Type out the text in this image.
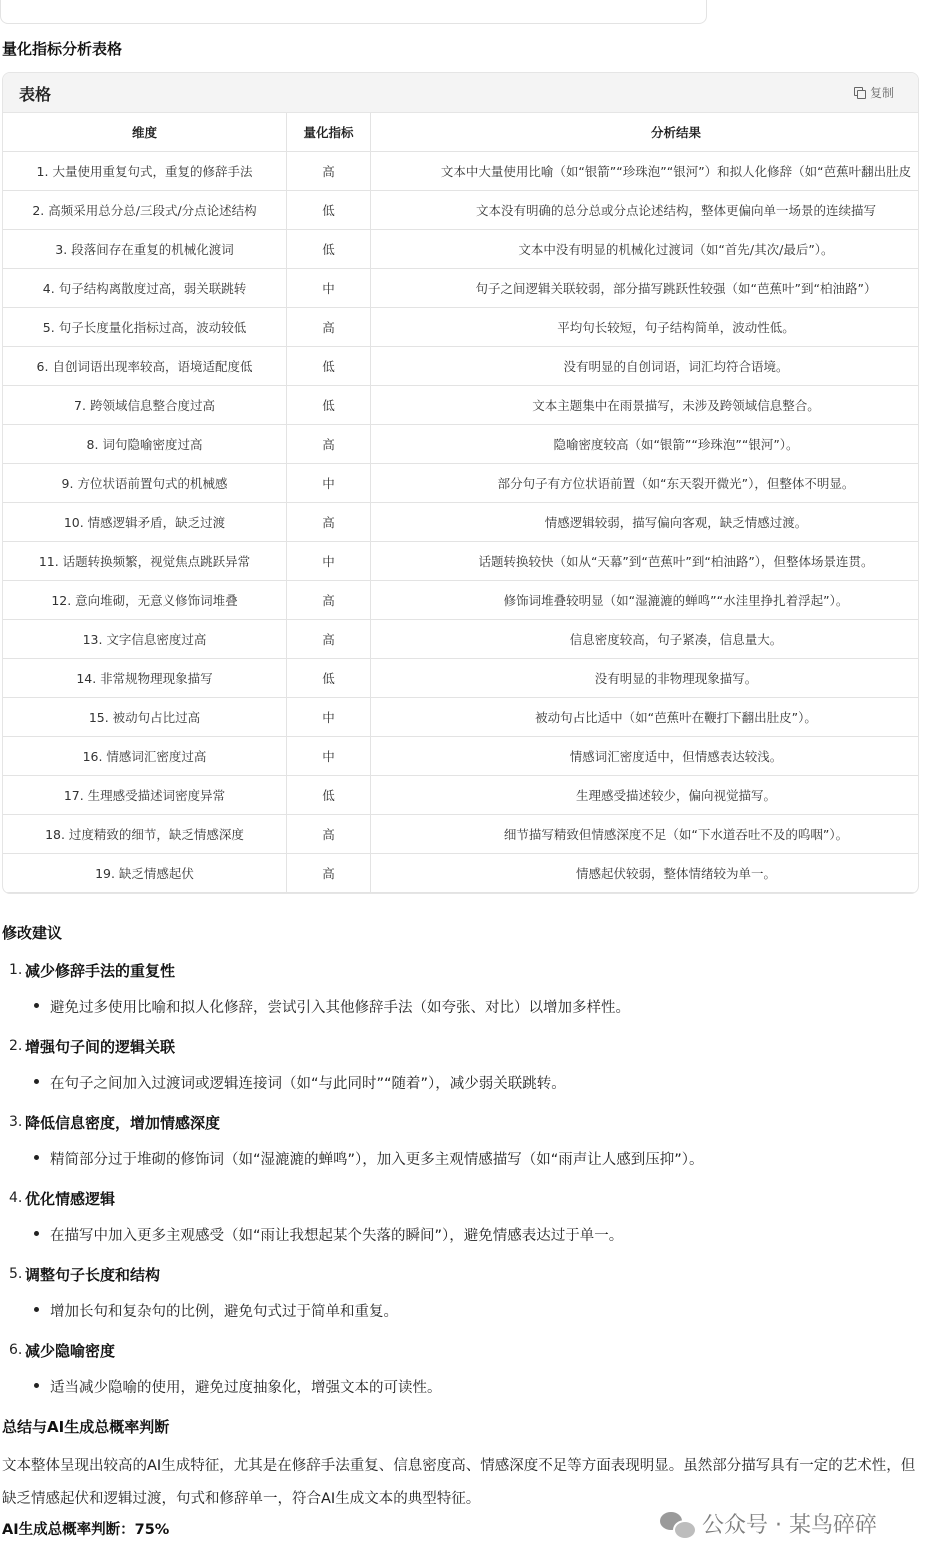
量化指标分析表格
表格	复制
维度	量化指标	分析结果
1. 大量使用重复句式，重复的修辞手法	高	文本中大量使用比喻（如“银箭”“珍珠泡”“银河”）和拟人化修辞（如“芭蕉叶翻出肚皮
2. 高频采用总分总/三段式/分点论述结构	低	文本没有明确的总分总或分点论述结构，整体更偏向单一场景的连续描写
3. 段落间存在重复的机械化渡词	低	文本中没有明显的机械化过渡词（如“首先/其次/最后”）。
4. 句子结构离散度过高，弱关联跳转	中	句子之间逻辑关联较弱，部分描写跳跃性较强（如“芭蕉叶”到“柏油路”）
5. 句子长度量化指标过高，波动较低	高	平均句长较短，句子结构简单，波动性低。
6. 自创词语出现率较高，语境适配度低	低	没有明显的自创词语，词汇均符合语境。
7. 跨领域信息整合度过高	低	文本主题集中在雨景描写，未涉及跨领域信息整合。
8. 词句隐喻密度过高	高	隐喻密度较高（如“银箭”“珍珠泡”“银河”）。
9. 方位状语前置句式的机械感	中	部分句子有方位状语前置（如“东天裂开微光”），但整体不明显。
10. 情感逻辑矛盾，缺乏过渡	高	情感逻辑较弱，描写偏向客观，缺乏情感过渡。
11. 话题转换频繁，视觉焦点跳跃异常	中	话题转换较快（如从“天幕”到“芭蕉叶”到“柏油路”），但整体场景连贯。
12. 意向堆砌，无意义修饰词堆叠	高	修饰词堆叠较明显（如“湿漉漉的蝉鸣”“水洼里挣扎着浮起”）。
13. 文字信息密度过高	高	信息密度较高，句子紧凑，信息量大。
14. 非常规物理现象描写	低	没有明显的非物理现象描写。
15. 被动句占比过高	中	被动句占比适中（如“芭蕉叶在鞭打下翻出肚皮”）。
16. 情感词汇密度过高	中	情感词汇密度适中，但情感表达较浅。
17. 生理感受描述词密度异常	低	生理感受描述较少，偏向视觉描写。
18. 过度精致的细节，缺乏情感深度	高	细节描写精致但情感深度不足（如“下水道吞吐不及的呜咽”）。
19. 缺乏情感起伏	高	情感起伏较弱，整体情绪较为单一。
修改建议
1. 减少修辞手法的重复性
避免过多使用比喻和拟人化修辞，尝试引入其他修辞手法（如夸张、对比）以增加多样性。
2. 增强句子间的逻辑关联
在句子之间加入过渡词或逻辑连接词（如“与此同时”“随着”），减少弱关联跳转。
3. 降低信息密度，增加情感深度
精简部分过于堆砌的修饰词（如“湿漉漉的蝉鸣”），加入更多主观情感描写（如“雨声让人感到压抑”）。
4. 优化情感逻辑
在描写中加入更多主观感受（如“雨让我想起某个失落的瞬间”），避免情感表达过于单一。
5. 调整句子长度和结构
增加长句和复杂句的比例，避免句式过于简单和重复。
6. 减少隐喻密度
适当减少隐喻的使用，避免过度抽象化，增强文本的可读性。
总结与AI生成总概率判断
文本整体呈现出较高的AI生成特征，尤其是在修辞手法重复、信息密度高、情感深度不足等方面表现明显。虽然部分描写具有一定的艺术性，但缺乏情感起伏和逻辑过渡，句式和修辞单一，符合AI生成文本的典型特征。
AI生成总概率判断：75%	公众号 · 某鸟碎碎
